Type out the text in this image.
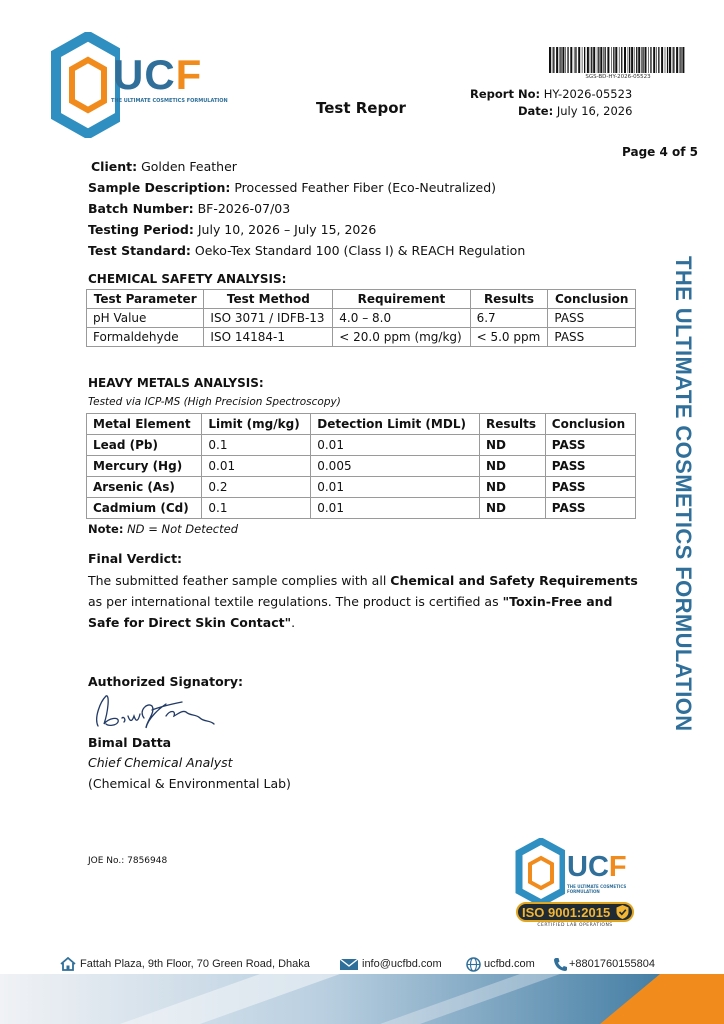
UCF
THE ULTIMATE COSMETICS FORMULATION	Test Repor
SGS-BD-HY-2026-05523
Report No: HY-2026-05523
Date: July 16, 2026
Page 4 of 5
Client: Golden Feather
Sample Description: Processed Feather Fiber (Eco-Neutralized)
Batch Number: BF-2026-07/03
Testing Period: July 10, 2026 – July 15, 2026
Test Standard: Oeko-Tex Standard 100 (Class I) & REACH Regulation
CHEMICAL SAFETY ANALYSIS:
Test Parameter	Test Method	Requirement	Results	Conclusion
pH Value	ISO 3071 / IDFB-13	4.0 – 8.0	6.7	PASS
Formaldehyde	ISO 14184-1	< 20.0 ppm (mg/kg)	< 5.0 ppm	PASS
HEAVY METALS ANALYSIS:
Tested via ICP-MS (High Precision Spectroscopy)
Metal Element	Limit (mg/kg)	Detection Limit (MDL)	Results	Conclusion
Lead (Pb)	0.1	0.01	ND	PASS
Mercury (Hg)	0.01	0.005	ND	PASS
Arsenic (As)	0.2	0.01	ND	PASS
Cadmium (Cd)	0.1	0.01	ND	PASS
Note: ND = Not Detected
Final Verdict:
The submitted feather sample complies with all Chemical and Safety Requirements as per international textile regulations. The product is certified as "Toxin-Free and Safe for Direct Skin Contact".
Authorized Signatory:
Bimal Datta
Chief Chemical Analyst
(Chemical & Environmental Lab)
JOE No.: 7856948
THE ULTIMATE COSMETICS FORMULATION
UCF
THE ULTIMATE COSMETICS FORMULATION
ISO 9001:2015
CERTIFIED LAB OPERATIONS
Fattah Plaza, 9th Floor, 70 Green Road, Dhaka	info@ucfbd.com	ucfbd.com	+8801760155804
